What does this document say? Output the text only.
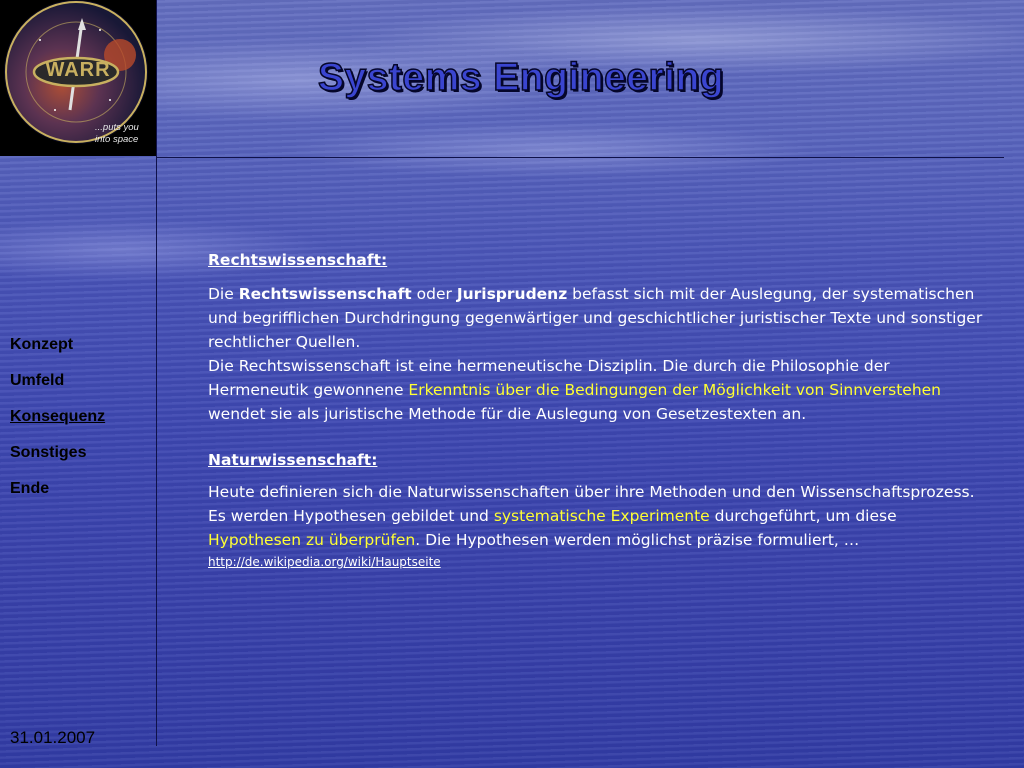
WARR
...puts you into space
Systems Engineering
Konzept
Umfeld
Konsequenz
Sonstiges
Ende
31.01.2007

Rechtswissenschaft:

Die Rechtswissenschaft oder Jurisprudenz befasst sich mit der Auslegung, der systematischen und begrifflichen Durchdringung gegenwärtiger und geschichtlicher juristischer Texte und sonstiger rechtlicher Quellen.

Die Rechtswissenschaft ist eine hermeneutische Disziplin. Die durch die Philosophie der Hermeneutik gewonnene Erkenntnis über die Bedingungen der Möglichkeit von Sinnverstehen wendet sie als juristische Methode für die Auslegung von Gesetzestexten an.

Naturwissenschaft:

Heute definieren sich die Naturwissenschaften über ihre Methoden und den Wissenschaftsprozess. Es werden Hypothesen gebildet und systematische Experimente durchgeführt, um diese Hypothesen zu überprüfen. Die Hypothesen werden möglichst präzise formuliert, …

http://de.wikipedia.org/wiki/Hauptseite
